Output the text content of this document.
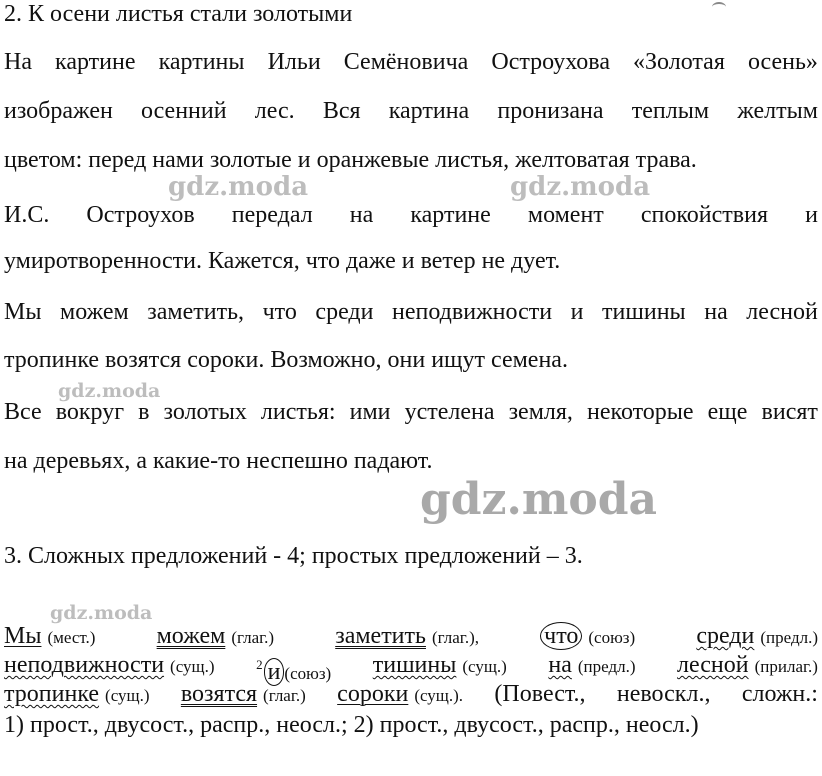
2. К осени листья стали золотыми
На картине картины Ильи Семёновича Остроухова «Золотая осень»
изображен осенний лес. Вся картина пронизана теплым желтым
цветом: перед нами золотые и оранжевые листья, желтоватая трава.
И.С. Остроухов передал на картине момент спокойствия и
умиротворенности. Кажется, что даже и ветер не дует.
Мы можем заметить, что среди неподвижности и тишины на лесной
тропинке возятся сороки. Возможно, они ищут семена.
Все вокруг в золотых листья: ими устелена земля, некоторые еще висят
на деревьях, а какие-то неспешно падают.
3. Сложных предложений - 4; простых предложений – 3.
Мы (мест.)	можем (глаг.)	заметить (глаг.),	что (союз)	среди (предл.)
неподвижности (сущ.)	$^2$ и (союз) тишины (сущ.) на (предл.) лесной (прилаг.)
тропинке (сущ.) возятся (глаг.) сороки (сущ.). (Повест., невоскл., сложн.:
1) прост., двусост., распр., неосл.; 2) прост., двусост., распр., неосл.)
gdz.moda	gdz.moda
gdz.moda
gdz.moda
gdz.moda
